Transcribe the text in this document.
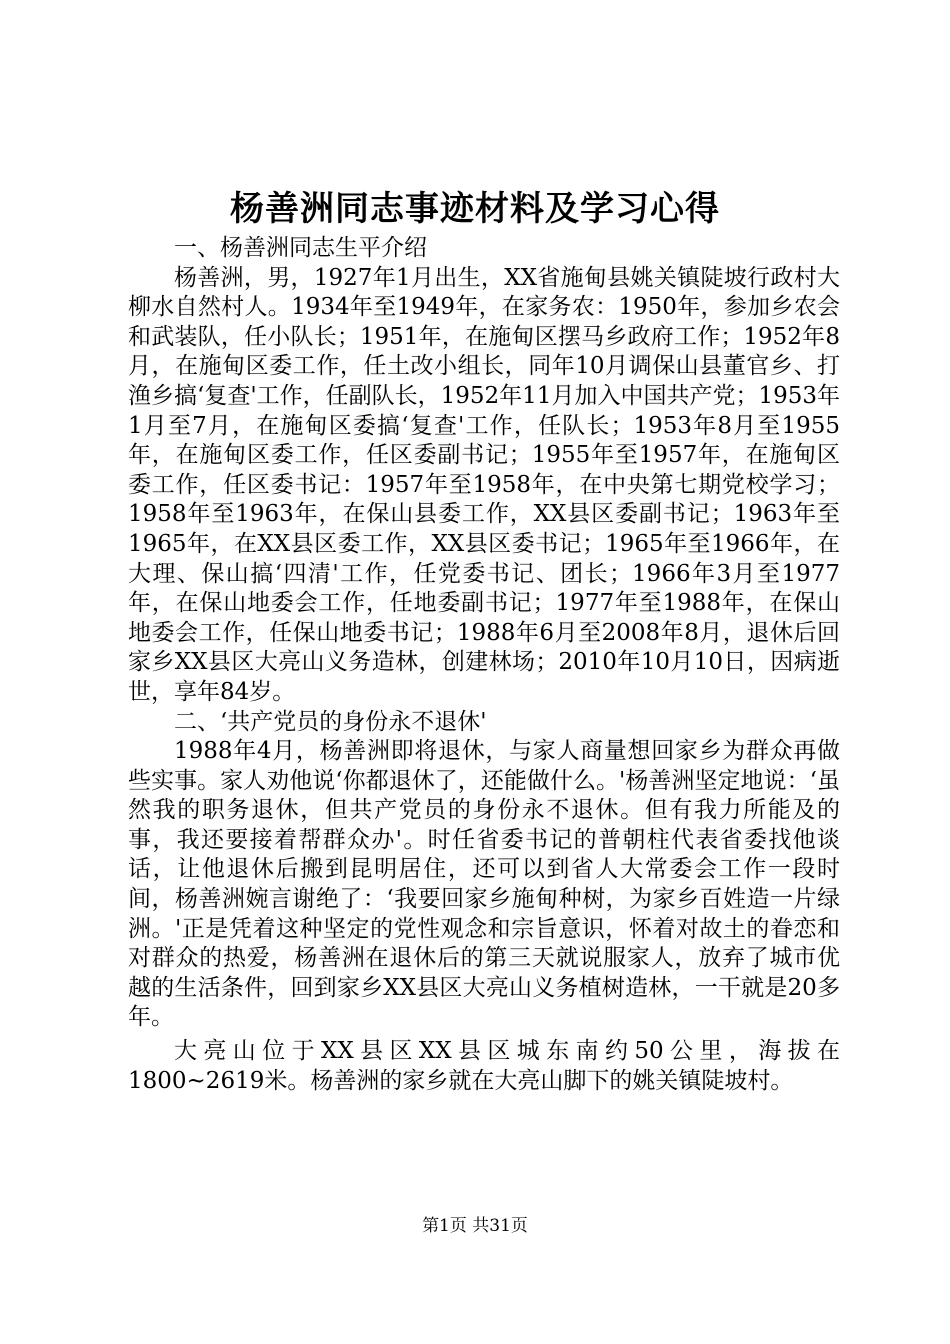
杨善洲同志事迹材料及学习心得

一、杨善洲同志生平介绍

杨善洲，男，1927年1月出生，XX省施甸县姚关镇陡坡行政村大柳水自然村人。1934年至1949年，在家务农：1950年，参加乡农会和武装队，任小队长；1951年，在施甸区摆马乡政府工作；1952年8月，在施甸区委工作，任土改小组长，同年10月调保山县董官乡、打渔乡搞‘复查'工作，任副队长，1952年11月加入中国共产党；1953年1月至7月，在施甸区委搞‘复查'工作，任队长；1953年8月至1955年，在施甸区委工作，任区委副书记；1955年至1957年，在施甸区委工作，任区委书记：1957年至1958年，在中央第七期党校学习；1958年至1963年，在保山县委工作，XX县区委副书记；1963年至1965年，在XX县区委工作，XX县区委书记；1965年至1966年，在大理、保山搞‘四清'工作，任党委书记、团长；1966年3月至1977年，在保山地委会工作，任地委副书记；1977年至1988年，在保山地委会工作，任保山地委书记；1988年6月至2008年8月，退休后回家乡XX县区大亮山义务造林，创建林场；2010年10月10日，因病逝世，享年84岁。

二、‘共产党员的身份永不退休'

1988年4月，杨善洲即将退休，与家人商量想回家乡为群众再做些实事。家人劝他说‘你都退休了，还能做什么。'杨善洲坚定地说：‘虽然我的职务退休，但共产党员的身份永不退休。但有我力所能及的事，我还要接着帮群众办'。时任省委书记的普朝柱代表省委找他谈话，让他退休后搬到昆明居住，还可以到省人大常委会工作一段时间，杨善洲婉言谢绝了：‘我要回家乡施甸种树，为家乡百姓造一片绿洲。'正是凭着这种坚定的党性观念和宗旨意识，怀着对故土的眷恋和对群众的热爱，杨善洲在退休后的第三天就说服家人，放弃了城市优越的生活条件，回到家乡XX县区大亮山义务植树造林，一干就是20多年。

大亮山位于XX县区XX县区城东南约50公里，海拔在1800~2619米。杨善洲的家乡就在大亮山脚下的姚关镇陡坡村。

第1页 共31页
